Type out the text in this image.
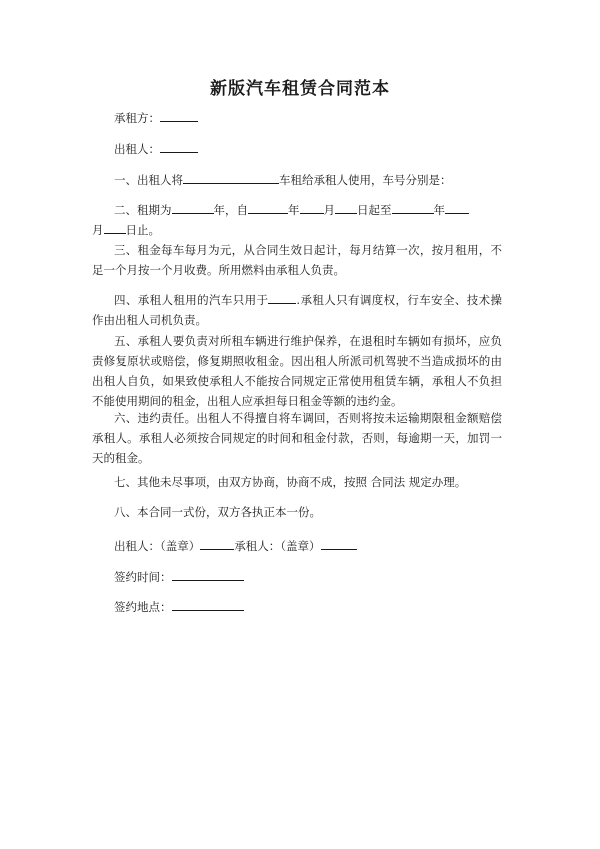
新版汽车租赁合同范本
承租方：
出租人：
一、出租人将	车租给承租人使用，车号分别是：
二、租期为	年，自	年 月 日起至	年
月 日止。

三、租金每车每月为元，从合同生效日起计，每月结算一次，按月租用，不足一个月按一个月收费。所用燃料由承租人负责。

四、承租人租用的汽车只用于 .承租人只有调度权，行车安全、技术操作由出租人司机负责。

五、承租人要负责对所租车辆进行维护保养，在退租时车辆如有损坏，应负责修复原状或赔偿，修复期照收租金。因出租人所派司机驾驶不当造成损坏的由出租人自负，如果致使承租人不能按合同规定正常使用租赁车辆，承租人不负担不能使用期间的租金，出租人应承担每日租金等额的违约金。

六、违约责任。出租人不得擅自将车调回，否则将按未运输期限租金额赔偿承租人。承租人必须按合同规定的时间和租金付款，否则，每逾期一天，加罚一天的租金。

七、其他未尽事项，由双方协商，协商不成，按照 合同法 规定办理。

八、本合同一式份，双方各执正本一份。

出租人：（盖章）	承租人：（盖章）
签约时间：
签约地点：
